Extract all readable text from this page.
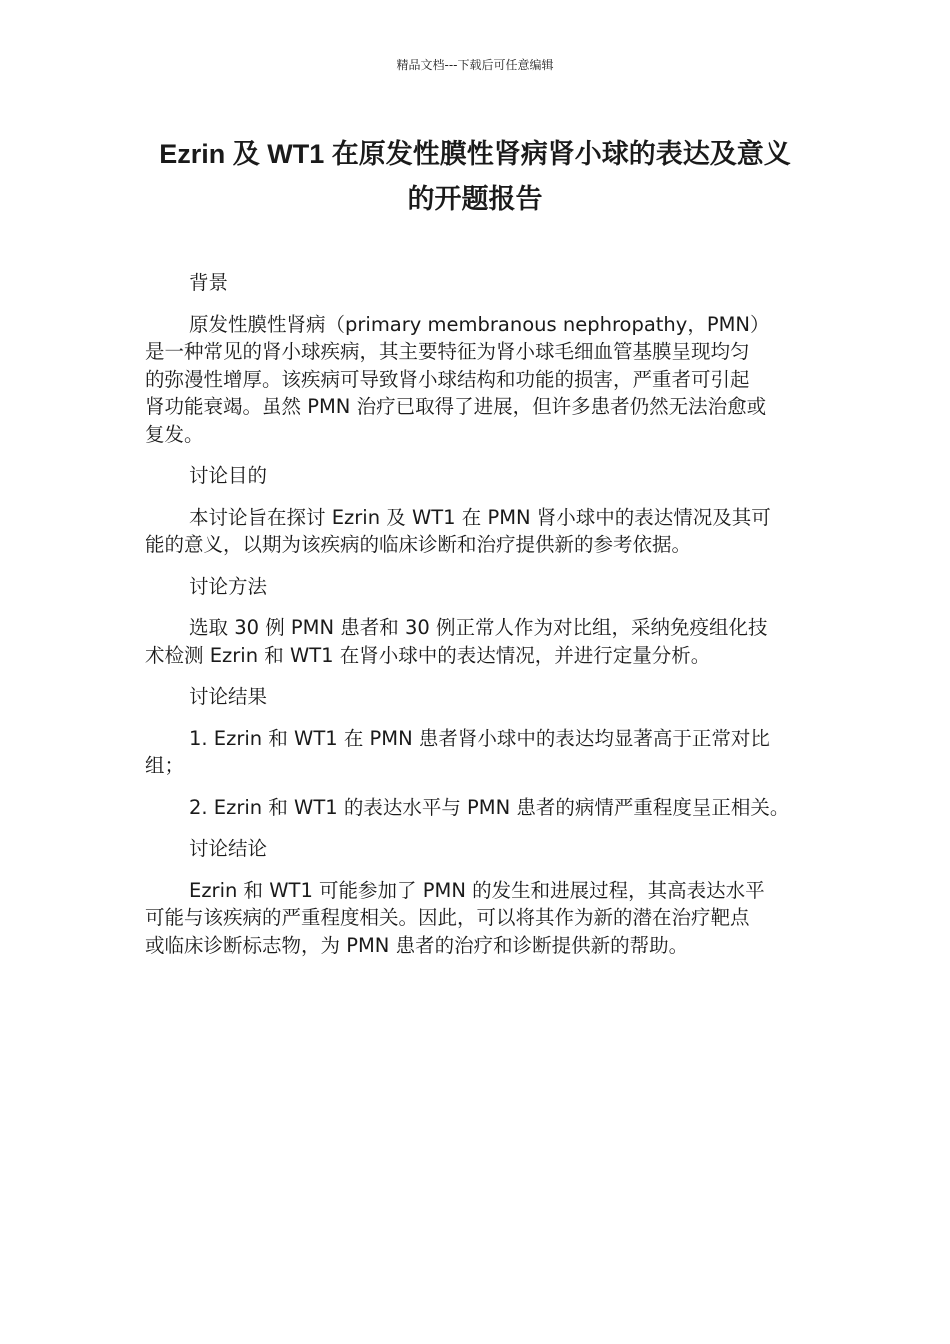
精品文档---下载后可任意编辑
Ezrin 及 WT1 在原发性膜性肾病肾小球的表达及意义
的开题报告

背景

原发性膜性肾病（primary membranous nephropathy，PMN）
是一种常见的肾小球疾病，其主要特征为肾小球毛细血管基膜呈现均匀
的弥漫性增厚。该疾病可导致肾小球结构和功能的损害，严重者可引起
肾功能衰竭。虽然 PMN 治疗已取得了进展，但许多患者仍然无法治愈或
复发。

讨论目的

本讨论旨在探讨 Ezrin 及 WT1 在 PMN 肾小球中的表达情况及其可
能的意义，以期为该疾病的临床诊断和治疗提供新的参考依据。

讨论方法

选取 30 例 PMN 患者和 30 例正常人作为对比组，采纳免疫组化技
术检测 Ezrin 和 WT1 在肾小球中的表达情况，并进行定量分析。

讨论结果

1. Ezrin 和 WT1 在 PMN 患者肾小球中的表达均显著高于正常对比
组；

2. Ezrin 和 WT1 的表达水平与 PMN 患者的病情严重程度呈正相关。

讨论结论

Ezrin 和 WT1 可能参加了 PMN 的发生和进展过程，其高表达水平
可能与该疾病的严重程度相关。因此，可以将其作为新的潜在治疗靶点
或临床诊断标志物，为 PMN 患者的治疗和诊断提供新的帮助。
